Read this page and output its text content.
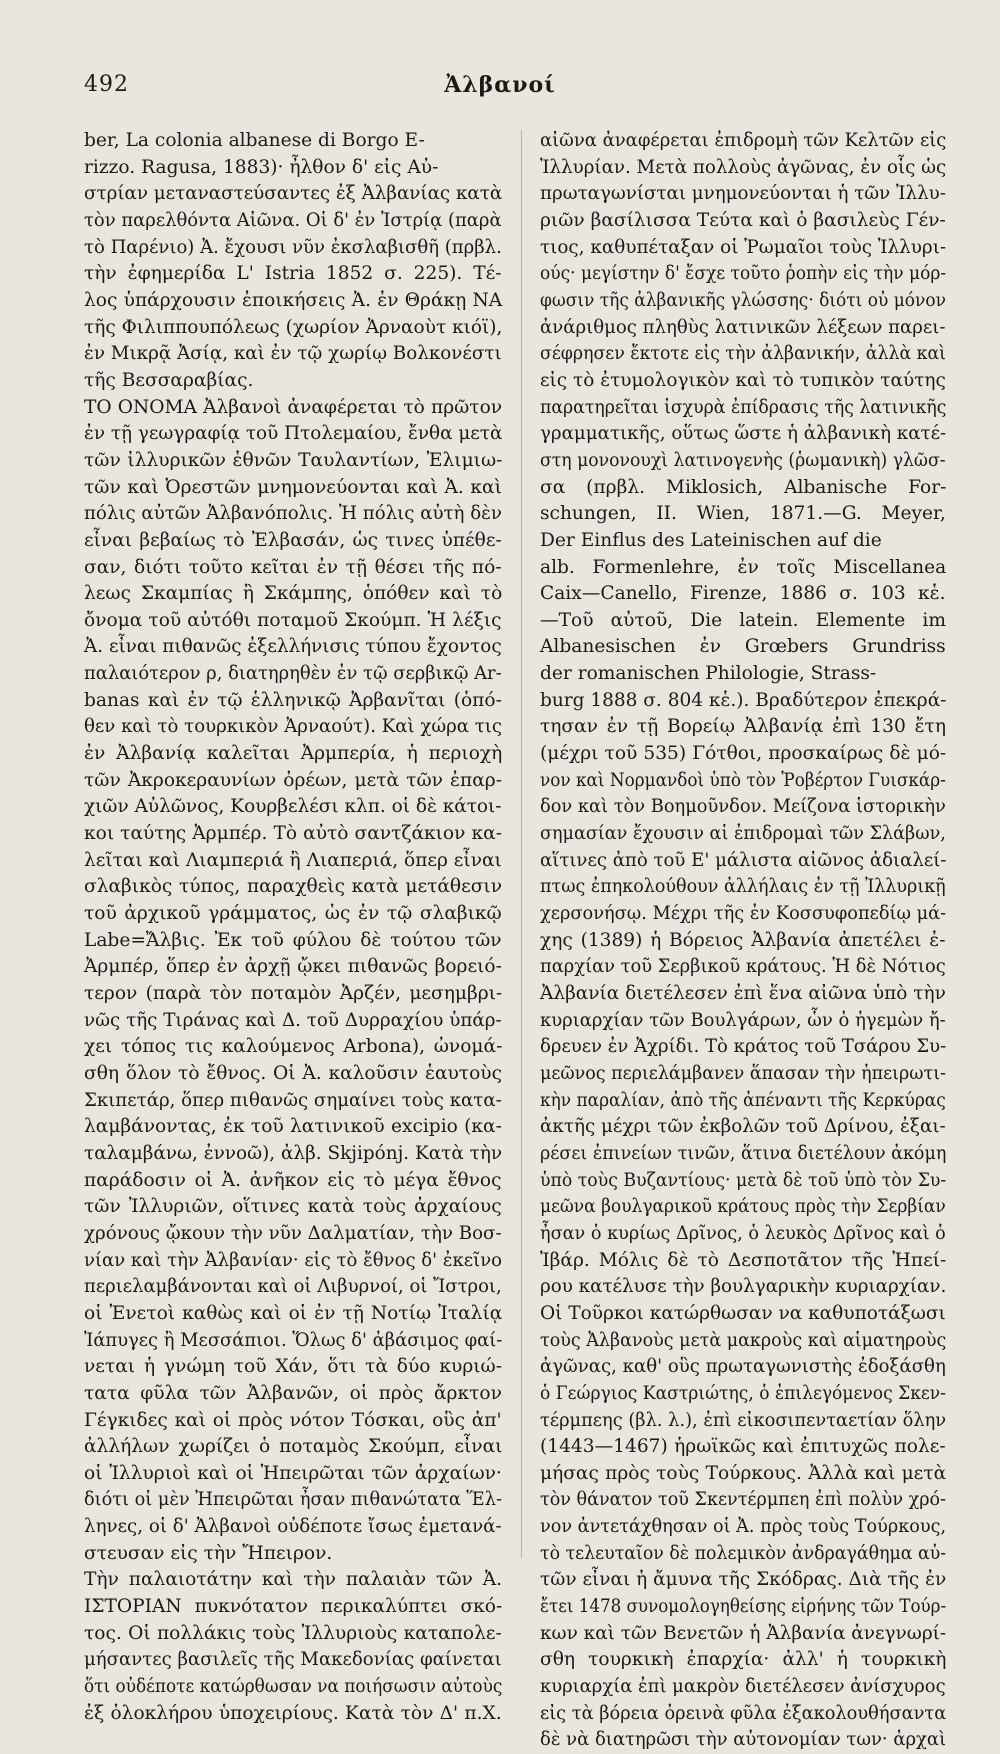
492	Ἀλβανοί
ber, La colonia albanese di Borgo E-
rizzo. Ragusa, 1883)· ἦλθον δ' εἰς Αὐ-
στρίαν μεταναστεύσαντες ἐξ Ἀλβανίας κατὰ
τὸν παρελθόντα Αἰῶνα. Οἱ δ' ἐν Ἰστρίᾳ (παρὰ
τὸ Παρένιο) Ἀ. ἔχουσι νῦν ἐκσλαβισθῆ (πρβλ.
τὴν ἐφημερίδα L' Istria 1852 σ. 225). Τέ-
λος ὑπάρχουσιν ἐποικήσεις Ἀ. ἐν Θράκῃ ΝΑ
τῆς Φιλιππουπόλεως (χωρίον Ἀρναοὺτ κιόϊ),
ἐν Μικρᾷ Ἀσίᾳ, καὶ ἐν τῷ χωρίῳ Βολκονέστι
τῆς Βεσσαραβίας.
ΤΟ ΟΝΟΜΑ Ἀλβανοὶ ἀναφέρεται τὸ πρῶτον
ἐν τῇ γεωγραφίᾳ τοῦ Πτολεμαίου, ἔνθα μετὰ
τῶν ἰλλυρικῶν ἐθνῶν Ταυλαντίων, Ἐλιμιω-
τῶν καὶ Ὀρεστῶν μνημονεύονται καὶ Ἀ. καὶ
πόλις αὐτῶν Ἀλβανόπολις. Ἡ πόλις αὐτὴ δὲν
εἶναι βεβαίως τὸ Ἐλβασάν, ὡς τινες ὑπέθε-
σαν, διότι τοῦτο κεῖται ἐν τῇ θέσει τῆς πό-
λεως Σκαμπίας ἢ Σκάμπης, ὁπόθεν καὶ τὸ
ὄνομα τοῦ αὐτόθι ποταμοῦ Σκούμπ. Ἡ λέξις
Ἀ. εἶναι πιθανῶς ἐξελλήνισις τύπου ἔχοντος
παλαιότερον ρ, διατηρηθὲν ἐν τῷ σερβικῷ Ar-
banas καὶ ἐν τῷ ἑλληνικῷ Ἀρβανῖται (ὁπό-
θεν καὶ τὸ τουρκικὸν Ἀρναούτ). Καὶ χώρα τις
ἐν Ἀλβανίᾳ καλεῖται Ἀρμπερία, ἡ περιοχὴ
τῶν Ἀκροκεραυνίων ὀρέων, μετὰ τῶν ἐπαρ-
χιῶν Αὐλῶνος, Κουρβελέσι κλπ. οἱ δὲ κάτοι-
κοι ταύτης Ἀρμπέρ. Τὸ αὐτὸ σαντζάκιον κα-
λεῖται καὶ Λιαμπεριά ἢ Λιαπεριά, ὅπερ εἶναι
σλαβικὸς τύπος, παραχθεὶς κατὰ μετάθεσιν
τοῦ ἀρχικοῦ γράμματος, ὡς ἐν τῷ σλαβικῷ
Labe=Ἄλβις. Ἐκ τοῦ φύλου δὲ τούτου τῶν
Ἀρμπέρ, ὅπερ ἐν ἀρχῇ ᾤκει πιθανῶς βορειό-
τερον (παρὰ τὸν ποταμὸν Ἀρζέν, μεσημβρι-
νῶς τῆς Τιράνας καὶ Δ. τοῦ Δυρραχίου ὑπάρ-
χει τόπος τις καλούμενος Arbona), ὠνομά-
σθη ὅλον τὸ ἔθνος. Οἱ Ἀ. καλοῦσιν ἑαυτοὺς
Σκιπετάρ, ὅπερ πιθανῶς σημαίνει τοὺς κατα-
λαμβάνοντας, ἐκ τοῦ λατινικοῦ excipio (κα-
ταλαμβάνω, ἐννοῶ), ἀλβ. Skjipónj. Κατὰ τὴν
παράδοσιν οἱ Ἀ. ἀνῆκον εἰς τὸ μέγα ἔθνος
τῶν Ἰλλυριῶν, οἵτινες κατὰ τοὺς ἀρχαίους
χρόνους ᾤκουν τὴν νῦν Δαλματίαν, τὴν Βοσ-
νίαν καὶ τὴν Ἀλβανίαν· εἰς τὸ ἔθνος δ' ἐκεῖνο
περιελαμβάνονται καὶ οἱ Λιβυρνοί, οἱ Ἴστροι,
οἱ Ἐνετοὶ καθὼς καὶ οἱ ἐν τῇ Νοτίῳ Ἰταλίᾳ
Ἰάπυγες ἢ Μεσσάπιοι. Ὅλως δ' ἀβάσιμος φαί-
νεται ἡ γνώμη τοῦ Χάν, ὅτι τὰ δύο κυριώ-
τατα φῦλα τῶν Ἀλβανῶν, οἱ πρὸς ἄρκτον
Γέγκιδες καὶ οἱ πρὸς νότον Τόσκαι, οὓς ἀπ'
ἀλλήλων χωρίζει ὁ ποταμὸς Σκούμπ, εἶναι
οἱ Ἰλλυριοὶ καὶ οἱ Ἠπειρῶται τῶν ἀρχαίων·
διότι οἱ μὲν Ἠπειρῶται ἦσαν πιθανώτατα Ἕλ-
ληνες, οἱ δ' Ἀλβανοὶ οὐδέποτε ἴσως ἐμετανά-
στευσαν εἰς τὴν Ἤπειρον.
Τὴν παλαιοτάτην καὶ τὴν παλαιὰν τῶν Ἀ.
ΙΣΤΟΡΙΑΝ πυκνότατον περικαλύπτει σκό-
τος. Οἱ πολλάκις τοὺς Ἰλλυριοὺς καταπολε-
μήσαντες βασιλεῖς τῆς Μακεδονίας φαίνεται
ὅτι οὐδέποτε κατώρθωσαν να ποιήσωσιν αὐτοὺς
ἐξ ὁλοκλήρου ὑποχειρίους. Κατὰ τὸν Δ' π.Χ.
αἰῶνα ἀναφέρεται ἐπιδρομὴ τῶν Κελτῶν εἰς
Ἰλλυρίαν. Μετὰ πολλοὺς ἀγῶνας, ἐν οἷς ὡς
πρωταγωνίσται μνημονεύονται ἡ τῶν Ἰλλυ-
ριῶν βασίλισσα Τεύτα καὶ ὁ βασιλεὺς Γέν-
τιος, καθυπέταξαν οἱ Ῥωμαῖοι τοὺς Ἰλλυρι-
ούς· μεγίστην δ' ἔσχε τοῦτο ῥοπὴν εἰς τὴν μόρ-
φωσιν τῆς ἀλβανικῆς γλώσσης· διότι οὐ μόνον
ἀνάριθμος πληθὺς λατινικῶν λέξεων παρει-
σέφρησεν ἔκτοτε εἰς τὴν ἀλβανικήν, ἀλλὰ καὶ
εἰς τὸ ἐτυμολογικὸν καὶ τὸ τυπικὸν ταύτης
παρατηρεῖται ἰσχυρὰ ἐπίδρασις τῆς λατινικῆς
γραμματικῆς, οὕτως ὥστε ἡ ἀλβανικὴ κατέ-
στη μονονουχὶ λατινογενὴς (ῥωμανικὴ) γλῶσ-
σα (πρβλ. Miklosich, Albanische For-
schungen, II. Wien, 1871.—G. Meyer,
Der Einflus des Lateinischen auf die
alb. Formenlehre, ἐν τοῖς Miscellanea
Caix—Canello, Firenze, 1886 σ. 103 κἑ.
—Τοῦ αὐτοῦ, Die latein. Elemente im
Albanesischen ἐν Grœbers Grundriss
der romanischen Philologie, Strass-
burg 1888 σ. 804 κἑ.). Βραδύτερον ἐπεκρά-
τησαν ἐν τῇ Βορείῳ Ἀλβανίᾳ ἐπὶ 130 ἔτη
(μέχρι τοῦ 535) Γότθοι, προσκαίρως δὲ μό-
νον καὶ Νορμανδοὶ ὑπὸ τὸν Ῥοβέρτον Γυισκάρ-
δον καὶ τὸν Βοημοῦνδον. Μείζονα ἱστορικὴν
σημασίαν ἔχουσιν αἱ ἐπιδρομαὶ τῶν Σλάβων,
αἵτινες ἀπὸ τοῦ Ε' μάλιστα αἰῶνος ἀδιαλεί-
πτως ἐπηκολούθουν ἀλλήλαις ἐν τῇ Ἰλλυρικῇ
χερσονήσῳ. Μέχρι τῆς ἐν Κοσσυφοπεδίῳ μά-
χης (1389) ἡ Βόρειος Ἀλβανία ἀπετέλει ἐ-
παρχίαν τοῦ Σερβικοῦ κράτους. Ἡ δὲ Νότιος
Ἀλβανία διετέλεσεν ἐπὶ ἕνα αἰῶνα ὑπὸ τὴν
κυριαρχίαν τῶν Βουλγάρων, ὧν ὁ ἡγεμὼν ἤ-
δρευεν ἐν Ἀχρίδι. Τὸ κράτος τοῦ Τσάρου Συ-
μεῶνος περιελάμβανεν ἅπασαν τὴν ἠπειρωτι-
κὴν παραλίαν, ἀπὸ τῆς ἀπέναντι τῆς Κερκύρας
ἀκτῆς μέχρι τῶν ἐκβολῶν τοῦ Δρίνου, ἐξαι-
ρέσει ἐπινείων τινῶν, ἅτινα διετέλουν ἀκόμη
ὑπὸ τοὺς Βυζαντίους· μετὰ δὲ τοῦ ὑπὸ τὸν Συ-
μεῶνα βουλγαρικοῦ κράτους πρὸς τὴν Σερβίαν
ἦσαν ὁ κυρίως Δρῖνος, ὁ λευκὸς Δρῖνος καὶ ὁ
Ἰβάρ. Μόλις δὲ τὸ Δεσποτᾶτον τῆς Ἠπεί-
ρου κατέλυσε τὴν βουλγαρικὴν κυριαρχίαν.
Οἱ Τοῦρκοι κατώρθωσαν να καθυποτάξωσι
τοὺς Ἀλβανοὺς μετὰ μακροὺς καὶ αἱματηροὺς
ἀγῶνας, καθ' οὓς πρωταγωνιστὴς ἐδοξάσθη
ὁ Γεώργιος Καστριώτης, ὁ ἐπιλεγόμενος Σκεν-
τέρμπεης (βλ. λ.), ἐπὶ εἰκοσιπενταετίαν ὅλην
(1443—1467) ἡρωϊκῶς καὶ ἐπιτυχῶς πολε-
μήσας πρὸς τοὺς Τούρκους. Ἀλλὰ καὶ μετὰ
τὸν θάνατον τοῦ Σκεντέρμπεη ἐπὶ πολὺν χρό-
νον ἀντετάχθησαν οἱ Ἀ. πρὸς τοὺς Τούρκους,
τὸ τελευταῖον δὲ πολεμικὸν ἀνδραγάθημα αὐ-
τῶν εἶναι ἡ ἄμυνα τῆς Σκόδρας. Διὰ τῆς ἐν
ἔτει 1478 συνομολογηθείσης εἰρήνης τῶν Τούρ-
κων καὶ τῶν Βενετῶν ἡ Ἀλβανία ἀνεγνωρί-
σθη τουρκικὴ ἐπαρχία· ἀλλ' ἡ τουρκικὴ
κυριαρχία ἐπὶ μακρὸν διετέλεσεν ἀνίσχυρος
εἰς τὰ βόρεια ὀρεινὰ φῦλα ἐξακολουθήσαντα
δὲ νὰ διατηρῶσι τὴν αὐτονομίαν των· ἀρχαὶ
